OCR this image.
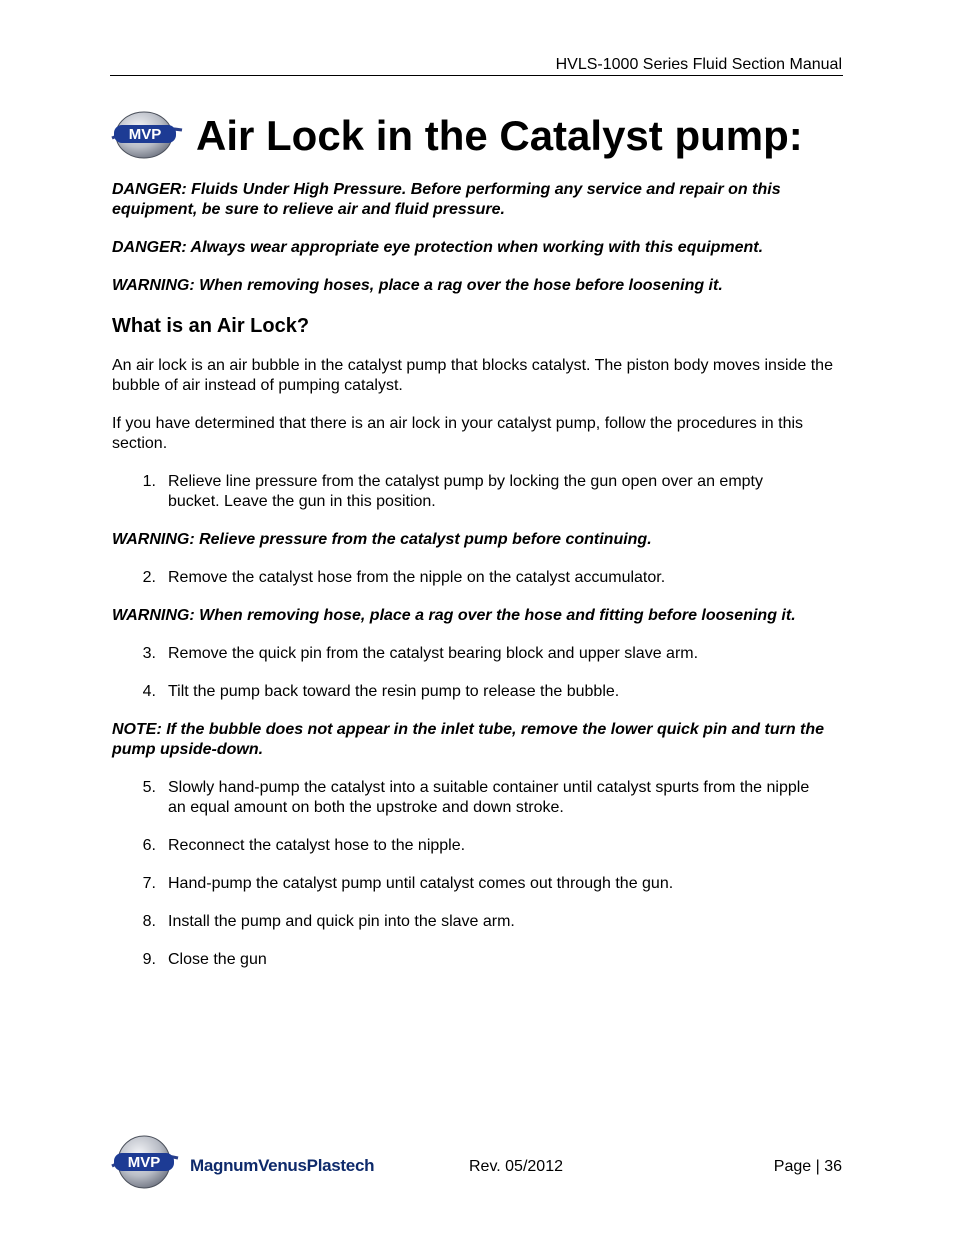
HVLS-1000 Series Fluid Section Manual
MVP Air Lock in the Catalyst pump:

DANGER: Fluids Under High Pressure. Before performing any service and repair on this equipment, be sure to relieve air and fluid pressure.

DANGER: Always wear appropriate eye protection when working with this equipment.

WARNING: When removing hoses, place a rag over the hose before loosening it.

What is an Air Lock?

An air lock is an air bubble in the catalyst pump that blocks catalyst. The piston body moves inside the bubble of air instead of pumping catalyst.

If you have determined that there is an air lock in your catalyst pump, follow the procedures in this section.

1. Relieve line pressure from the catalyst pump by locking the gun open over an empty bucket. Leave the gun in this position.

WARNING: Relieve pressure from the catalyst pump before continuing.

2. Remove the catalyst hose from the nipple on the catalyst accumulator.

WARNING: When removing hose, place a rag over the hose and fitting before loosening it.

3. Remove the quick pin from the catalyst bearing block and upper slave arm.
4. Tilt the pump back toward the resin pump to release the bubble.

NOTE: If the bubble does not appear in the inlet tube, remove the lower quick pin and turn the pump upside-down.

5. Slowly hand-pump the catalyst into a suitable container until catalyst spurts from the nipple an equal amount on both the upstroke and down stroke.
6. Reconnect the catalyst hose to the nipple.
7. Hand-pump the catalyst pump until catalyst comes out through the gun.
8. Install the pump and quick pin into the slave arm.
9. Close the gun
MVP MagnumVenusPlastech	Rev. 05/2012	Page | 36
